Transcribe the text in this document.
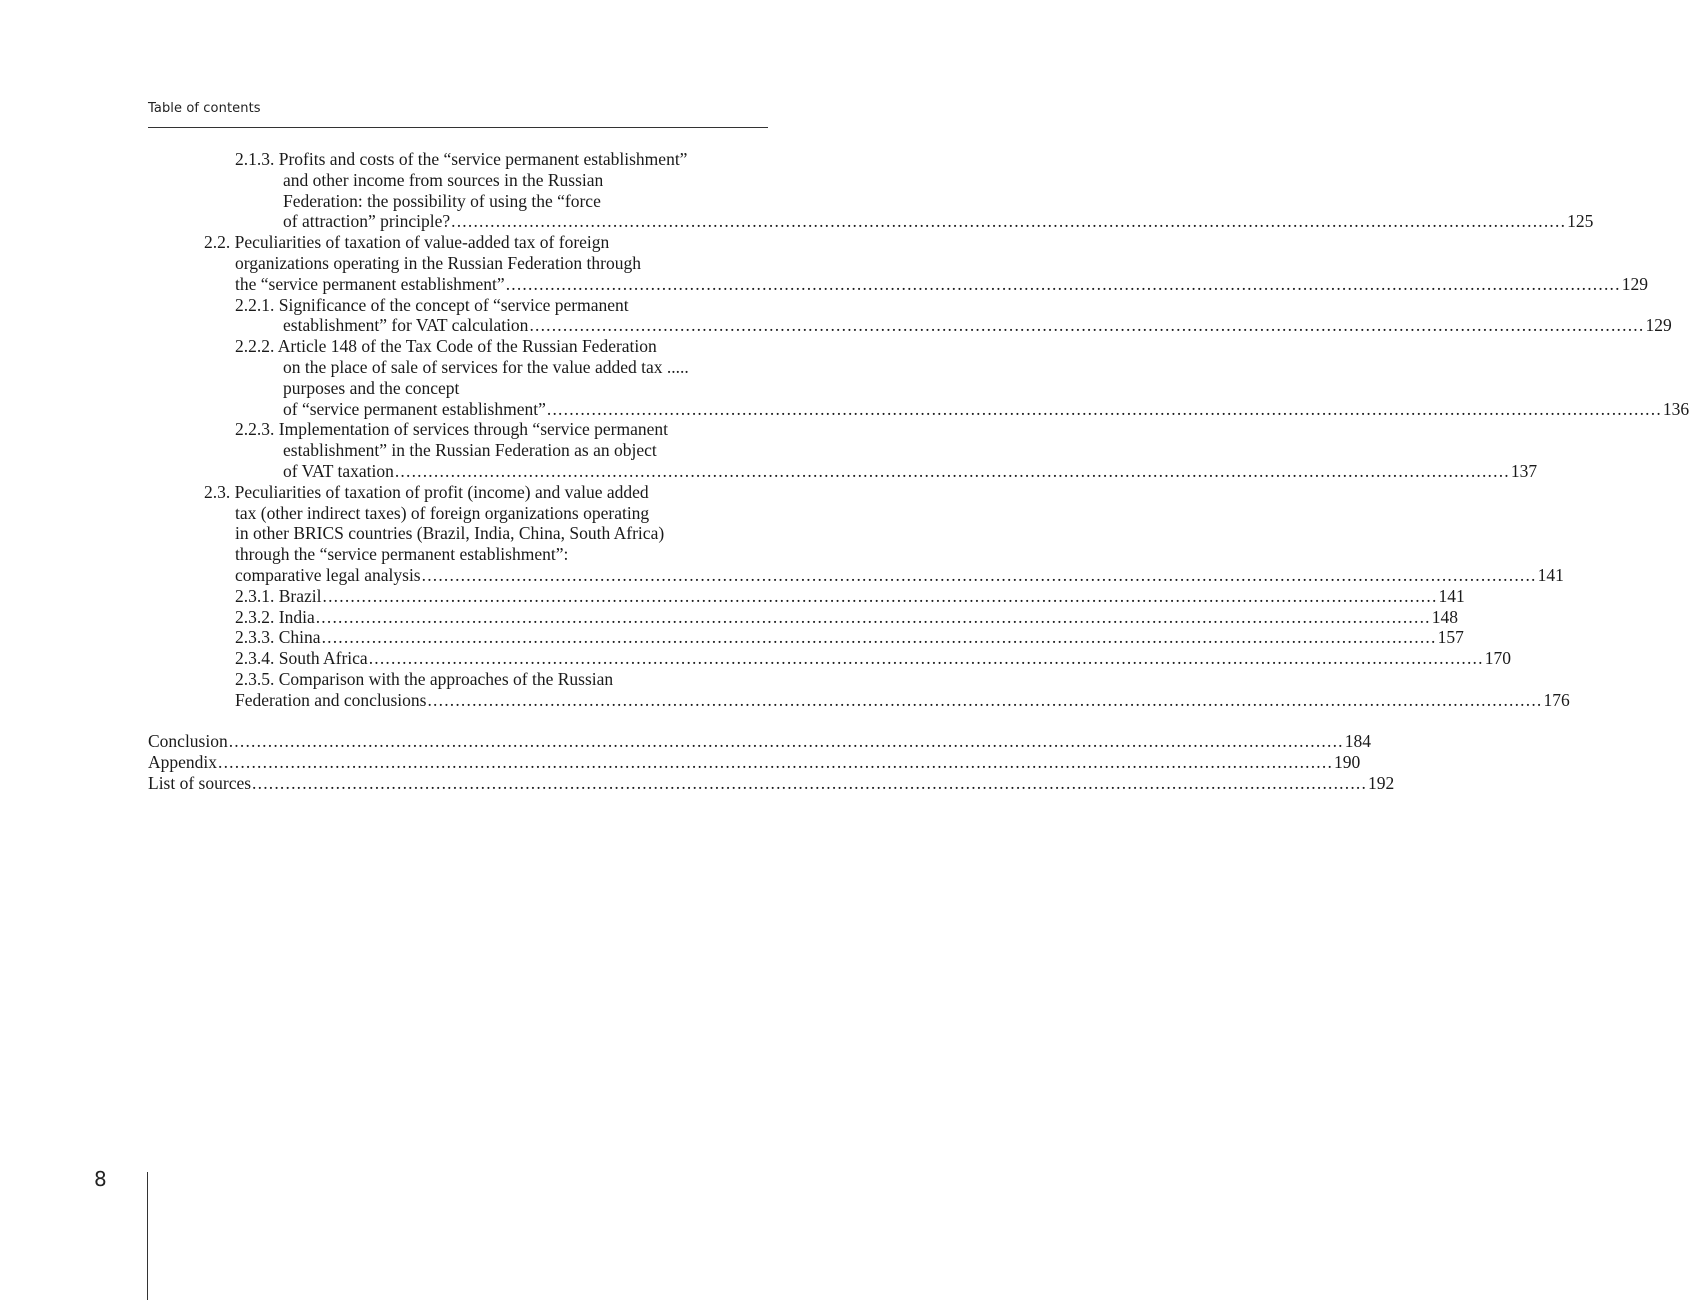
Table of contents
2.1.3. Profits and costs of the “service permanent establishment”
and other income from sources in the Russian
Federation: the possibility of using the “force
of attraction” principle? ........................................................................................................................................................................................................ 125
2.2. Peculiarities of taxation of value-added tax of foreign
organizations operating in the Russian Federation through
the “service permanent establishment” ........................................................................................................................................................................................................ 129
2.2.1. Significance of the concept of “service permanent
establishment” for VAT calculation ........................................................................................................................................................................................................ 129
2.2.2. Article 148 of the Tax Code of the Russian Federation
on the place of sale of services for the value added tax .....
purposes and the concept
of “service permanent establishment” ........................................................................................................................................................................................................ 136
2.2.3. Implementation of services through “service permanent
establishment” in the Russian Federation as an object
of VAT taxation ........................................................................................................................................................................................................ 137
2.3. Peculiarities of taxation of profit (income) and value added
tax (other indirect taxes) of foreign organizations operating
in other BRICS countries (Brazil, India, China, South Africa)
through the “service permanent establishment”:
comparative legal analysis ........................................................................................................................................................................................................ 141
2.3.1. Brazil ........................................................................................................................................................................................................ 141
2.3.2. India ........................................................................................................................................................................................................ 148
2.3.3. China ........................................................................................................................................................................................................ 157
2.3.4. South Africa ........................................................................................................................................................................................................ 170
2.3.5. Comparison with the approaches of the Russian
Federation and conclusions ........................................................................................................................................................................................................ 176
Conclusion ........................................................................................................................................................................................................ 184
Appendix ........................................................................................................................................................................................................ 190
List of sources ........................................................................................................................................................................................................ 192
8
